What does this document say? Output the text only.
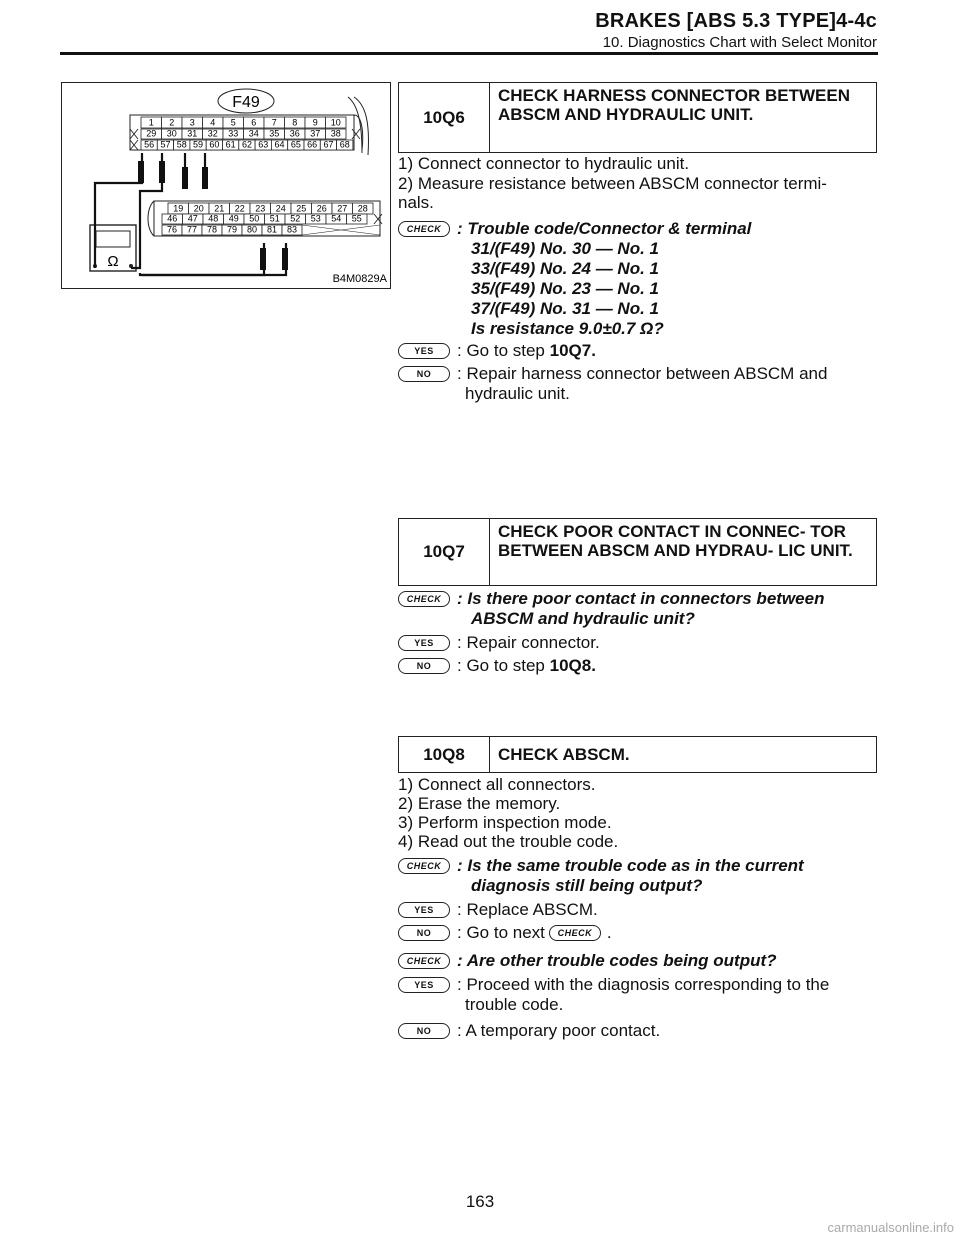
BRAKES [ABS 5.3 TYPE]4-4c
10. Diagnostics Chart with Select Monitor
1 2 3 4 5 6 7 8 9 10
29 30 31 32 33 34 35 36 37 38
56 57 58 59 60 61 62 63 64 65 66 67 68
F49
19 20 21 22 23 24 25 26 27 28
46 47 48 49 50 51 52 53 54 55
76 77 78 79 80 81 83
Ω
B4M0829A
10Q6
CHECK HARNESS CONNECTOR BETWEEN ABSCM AND HYDRAULIC UNIT.
1) Connect connector to hydraulic unit.
2) Measure resistance between ABSCM connector termi-
nals.
CHECK : Trouble code/Connector & terminal
31/(F49) No. 30 — No. 1
33/(F49) No. 24 — No. 1
35/(F49) No. 23 — No. 1
37/(F49) No. 31 — No. 1
Is resistance 9.0±0.7 Ω?
YES	: Go to step 10Q7.
NO	: Repair harness connector between ABSCM and
hydraulic unit.
10Q7
CHECK POOR CONTACT IN CONNEC- TOR BETWEEN ABSCM AND HYDRAU- LIC UNIT.
CHECK : Is there poor contact in connectors between
ABSCM and hydraulic unit?
YES	: Repair connector.
NO	: Go to step 10Q8.
10Q8	CHECK ABSCM.
1) Connect all connectors.
2) Erase the memory.
3) Perform inspection mode.
4) Read out the trouble code.
CHECK : Is the same trouble code as in the current
diagnosis still being output?
YES	: Replace ABSCM.
NO	: Go to next	CHECK .
CHECK : Are other trouble codes being output?
YES	: Proceed with the diagnosis corresponding to the
trouble code.
NO	: A temporary poor contact.
163
carmanualsonline.info
